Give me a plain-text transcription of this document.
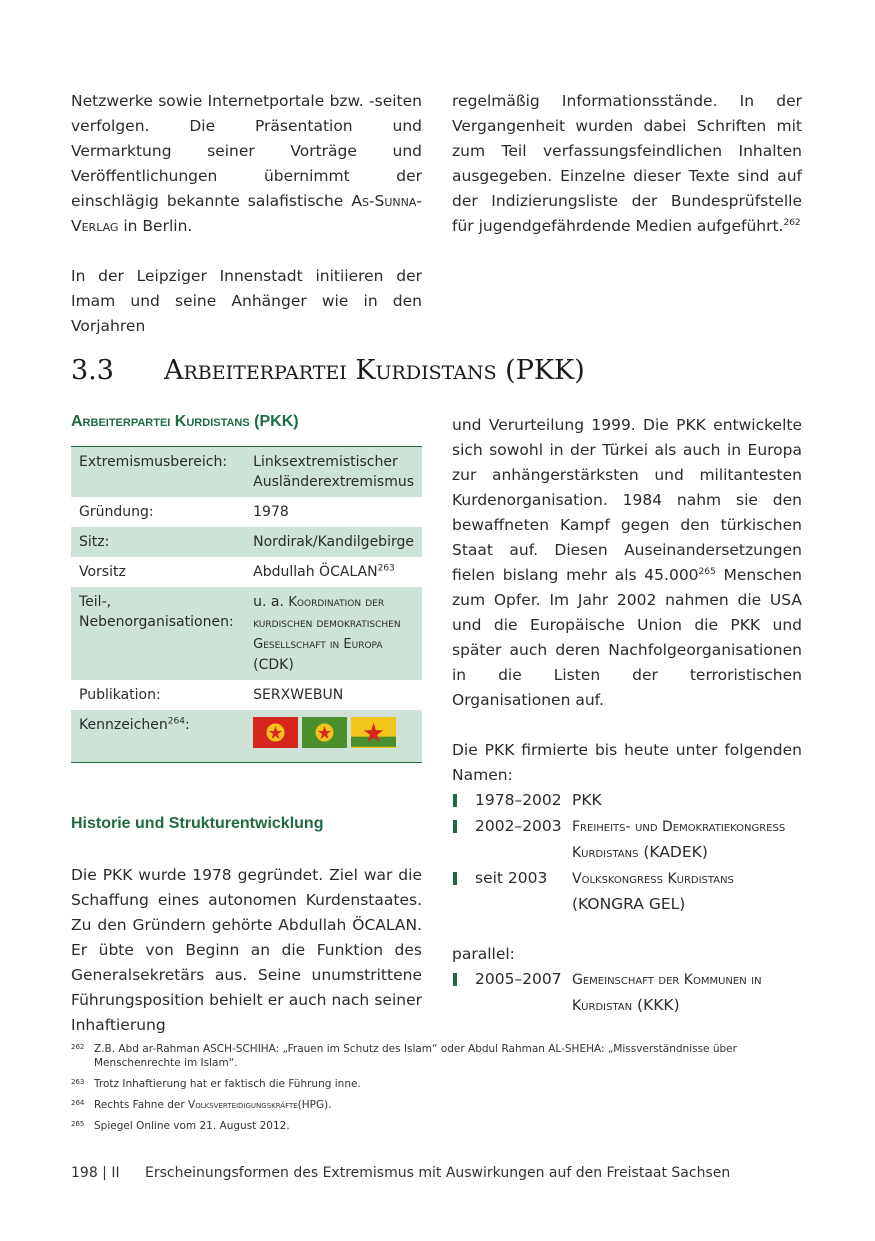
Netzwerke sowie Internetportale bzw. -seiten verfolgen. Die Präsentation und Vermarktung seiner Vorträge und Veröffentlichungen übernimmt der einschlägig bekannte salafistische As-Sunna-Verlag in Berlin.

In der Leipziger Innenstadt initiieren der Imam und seine Anhänger wie in den Vorjahren

regelmäßig Informationsstände. In der Vergangenheit wurden dabei Schriften mit zum Teil verfassungsfeindlichen Inhalten ausgegeben. Einzelne dieser Texte sind auf der Indizierungsliste der Bundesprüfstelle für jugendgefährdende Medien aufgeführt.$^{262}$

3.3 Arbeiterpartei Kurdistans (PKK)
Arbeiterpartei Kurdistans (PKK)
Extremismusbereich:	Linksextremistischer Ausländerextremismus
Gründung:	1978
Sitz:	Nordirak/Kandilgebirge
Vorsitz	Abdullah ÖCALAN$^{263}$
Teil-, Nebenorganisationen:	u. a. Koordination der kurdischen demokratischen Gesellschaft in Europa
(CDK)
Publikation:	SERXWEBUN
Kennzeichen$^{264}$:	
Historie und Strukturentwicklung

Die PKK wurde 1978 gegründet. Ziel war die Schaffung eines autonomen Kurdenstaates. Zu den Gründern gehörte Abdullah ÖCALAN. Er übte von Beginn an die Funktion des Generalsekretärs aus. Seine unumstrittene Führungsposition behielt er auch nach seiner Inhaftierung

und Verurteilung 1999. Die PKK entwickelte sich sowohl in der Türkei als auch in Europa zur anhängerstärksten und militantesten Kurdenorganisation. 1984 nahm sie den bewaffneten Kampf gegen den türkischen Staat auf. Diesen Auseinandersetzungen fielen bislang mehr als 45.000$^{265}$ Menschen zum Opfer. Im Jahr 2002 nahmen die USA und die Europäische Union die PKK und später auch deren Nachfolgeorganisationen in die Listen der terroristischen Organisationen auf.

Die PKK firmierte bis heute unter folgenden Namen:

1978–2002 PKK
2002–2003 Freiheits- und Demokratiekongress Kurdistans (KADEK)
seit 2003	Volkskongress Kurdistans (KONGRA GEL)

parallel:

2005–2007 Gemeinschaft der Kommunen in Kurdistan (KKK)
262 Z.B. Abd ar-Rahman ASCH-SCHIHA: „Frauen im Schutz des Islam“ oder Abdul Rahman AL-SHEHA: „Missverständnisse über Menschenrechte im Islam“.
263 Trotz Inhaftierung hat er faktisch die Führung inne.
264 Rechts Fahne der Volksverteidigungskräfte(HPG).
265 Spiegel Online vom 21. August 2012.
198 | II Erscheinungsformen des Extremismus mit Auswirkungen auf den Freistaat Sachsen
